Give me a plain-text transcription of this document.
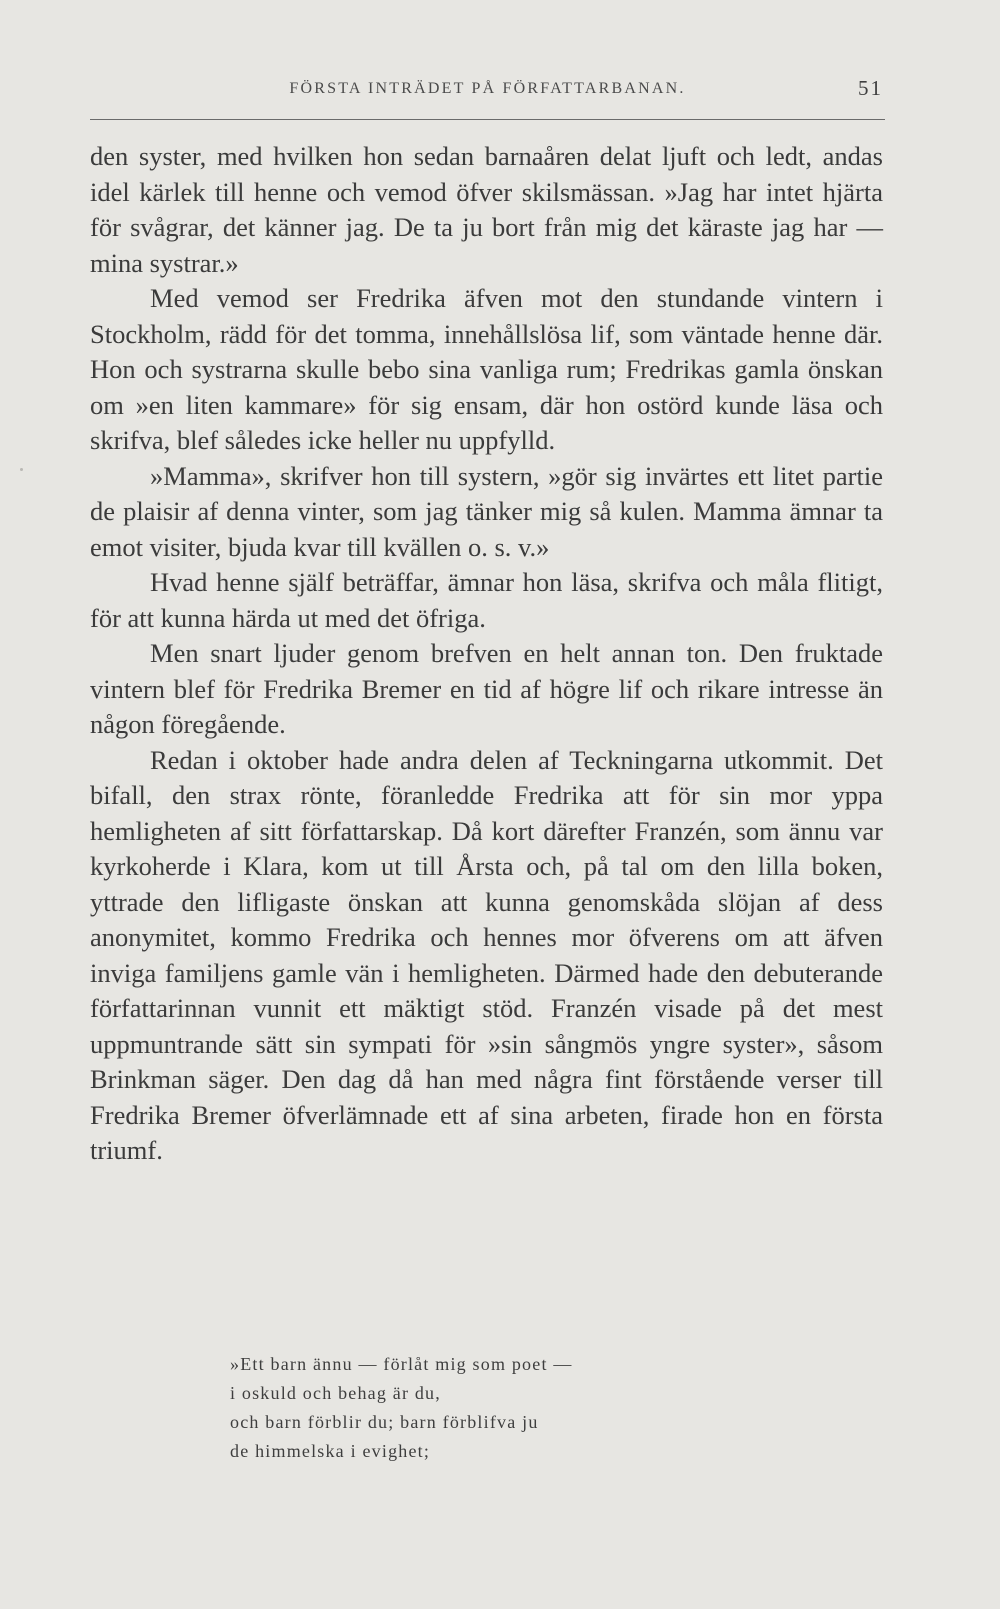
FÖRSTA INTRÄDET PÅ FÖRFATTARBANAN.	51

den syster, med hvilken hon sedan barnaåren delat ljuft och ledt, andas idel kärlek till henne och vemod öfver skilsmässan. »Jag har intet hjärta för svågrar, det känner jag. De ta ju bort från mig det käraste jag har — mina systrar.»

Med vemod ser Fredrika äfven mot den stundande vintern i Stockholm, rädd för det tomma, innehållslösa lif, som väntade henne där. Hon och systrarna skulle bebo sina vanliga rum; Fredrikas gamla önskan om »en liten kammare» för sig ensam, där hon ostörd kunde läsa och skrifva, blef således icke heller nu uppfylld.

»Mamma», skrifver hon till systern, »gör sig invärtes ett litet partie de plaisir af denna vinter, som jag tänker mig så kulen. Mamma ämnar ta emot visiter, bjuda kvar till kvällen o. s. v.»

Hvad henne själf beträffar, ämnar hon läsa, skrifva och måla flitigt, för att kunna härda ut med det öfriga.

Men snart ljuder genom brefven en helt annan ton. Den fruktade vintern blef för Fredrika Bremer en tid af högre lif och rikare intresse än någon föregående.

Redan i oktober hade andra delen af Teckningarna utkommit. Det bifall, den strax rönte, föranledde Fredrika att för sin mor yppa hemligheten af sitt författarskap. Då kort därefter Franzén, som ännu var kyrkoherde i Klara, kom ut till Årsta och, på tal om den lilla boken, yttrade den lifligaste önskan att kunna genomskåda slöjan af dess anonymitet, kommo Fredrika och hennes mor öfverens om att äfven inviga familjens gamle vän i hemligheten. Därmed hade den debuterande författarinnan vunnit ett mäktigt stöd. Franzén visade på det mest uppmuntrande sätt sin sympati för »sin sångmös yngre syster», såsom Brinkman säger. Den dag då han med några fint förstående verser till Fredrika Bremer öfverlämnade ett af sina arbeten, firade hon en första triumf.

»Ett barn ännu — förlåt mig som poet —
i oskuld och behag är du,
och barn förblir du; barn förblifva ju
de himmelska i evighet;
